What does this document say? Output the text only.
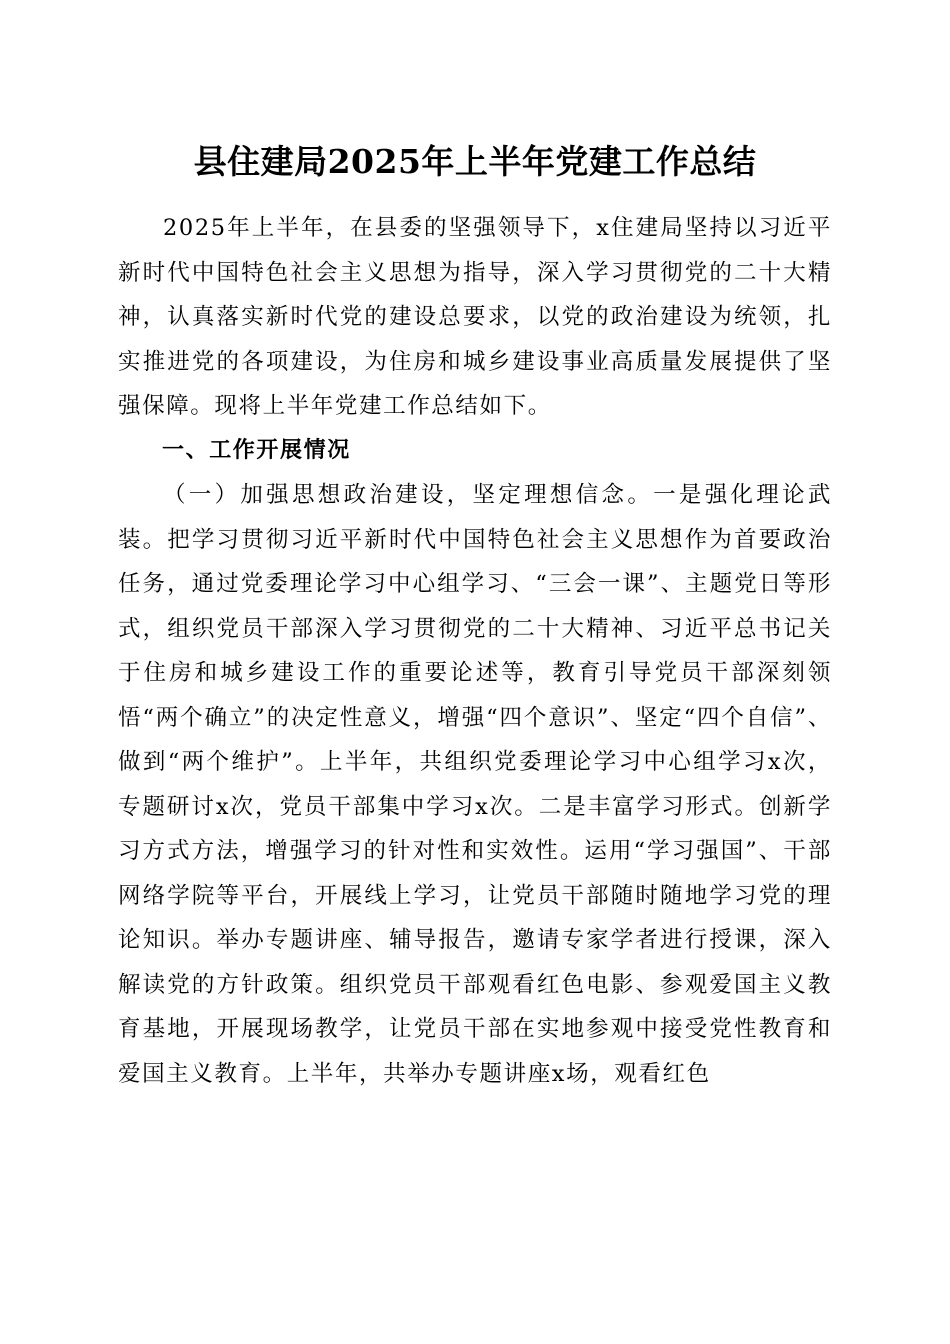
县住建局2025年上半年党建工作总结

2025年上半年，在县委的坚强领导下，x住建局坚持以习近平新时代中国特色社会主义思想为指导，深入学习贯彻党的二十大精神，认真落实新时代党的建设总要求，以党的政治建设为统领，扎实推进党的各项建设，为住房和城乡建设事业高质量发展提供了坚强保障。现将上半年党建工作总结如下。

一、工作开展情况

（一）加强思想政治建设，坚定理想信念。一是强化理论武装。把学习贯彻习近平新时代中国特色社会主义思想作为首要政治任务，通过党委理论学习中心组学习、“三会一课”、主题党日等形式，组织党员干部深入学习贯彻党的二十大精神、习近平总书记关于住房和城乡建设工作的重要论述等，教育引导党员干部深刻领悟“两个确立”的决定性意义，增强“四个意识”、坚定“四个自信”、做到“两个维护”。上半年，共组织党委理论学习中心组学习x次，专题研讨x次，党员干部集中学习x次。二是丰富学习形式。创新学习方式方法，增强学习的针对性和实效性。运用“学习强国”、干部网络学院等平台，开展线上学习，让党员干部随时随地学习党的理论知识。举办专题讲座、辅导报告，邀请专家学者进行授课，深入解读党的方针政策。组织党员干部观看红色电影、参观爱国主义教育基地，开展现场教学，让党员干部在实地参观中接受党性教育和爱国主义教育。上半年，共举办专题讲座x场，观看红色
